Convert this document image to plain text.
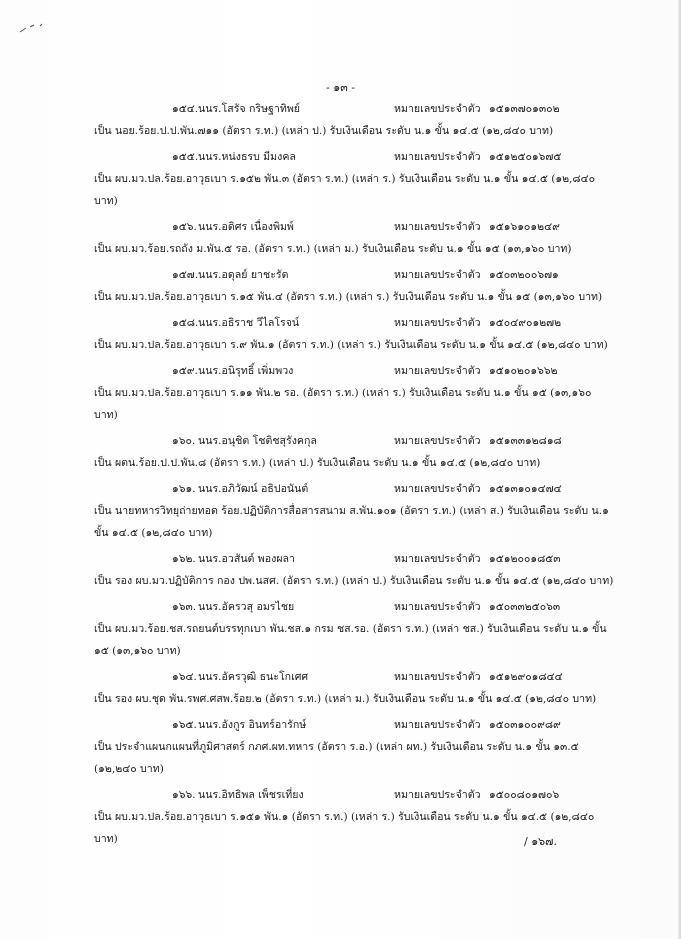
- ๑๓ -
๑๕๔. นนร.โสรัจ กริษฐาทิพย์	หมายเลขประจำตัว ๑๕๑๓๗๐๑๓๐๒
เป็น นอย.ร้อย.ป.ป.พัน.๗๑๑ (อัตรา ร.ท.) (เหล่า ป.) รับเงินเดือน ระดับ น.๑ ขั้น ๑๔.๕ (๑๒,๘๔๐ บาท)
๑๕๕. นนร.หน่งธรบ มีมงคล	หมายเลขประจำตัว ๑๕๑๒๕๐๑๖๗๕
เป็น ผบ.มว.ปล.ร้อย.อาวุธเบา ร.๑๕๒ พัน.๓ (อัตรา ร.ท.) (เหล่า ร.) รับเงินเดือน ระดับ น.๑ ขั้น ๑๔.๕ (๑๒,๘๔๐ บาท)
๑๕๖. นนร.อดิศร เนื่องพิมพ์	หมายเลขประจำตัว ๑๕๑๖๑๐๑๒๔๙
เป็น ผบ.มว.ร้อย.รถถัง ม.พัน.๕ รอ. (อัตรา ร.ท.) (เหล่า ม.) รับเงินเดือน ระดับ น.๑ ขั้น ๑๕ (๑๓,๑๖๐ บาท)
๑๕๗. นนร.อดุลย์ ยาชะรัด	หมายเลขประจำตัว ๑๕๐๓๒๐๐๖๗๑
เป็น ผบ.มว.ปล.ร้อย.อาวุธเบา ร.๑๕ พัน.๔ (อัตรา ร.ท.) (เหล่า ร.) รับเงินเดือน ระดับ น.๑ ขั้น ๑๕ (๑๓,๑๖๐ บาท)
๑๕๘. นนร.อธิราช วีไลโรจน์	หมายเลขประจำตัว ๑๕๐๔๙๐๑๒๗๒
เป็น ผบ.มว.ปล.ร้อย.อาวุธเบา ร.๙ พัน.๑ (อัตรา ร.ท.) (เหล่า ร.) รับเงินเดือน ระดับ น.๑ ขั้น ๑๔.๕ (๑๒,๘๔๐ บาท)
๑๕๙. นนร.อนิรุทธิ์ เพิ่มพวง	หมายเลขประจำตัว ๑๕๑๐๒๐๑๖๖๒
เป็น ผบ.มว.ปล.ร้อย.อาวุธเบา ร.๑๑ พัน.๒ รอ. (อัตรา ร.ท.) (เหล่า ร.) รับเงินเดือน ระดับ น.๑ ขั้น ๑๕ (๑๓,๑๖๐ บาท)
๑๖๐. นนร.อนุชิต โชติชสุรังคกุล	หมายเลขประจำตัว ๑๕๑๓๓๑๒๘๑๘
เป็น ผตน.ร้อย.ป.ป.พัน.๘ (อัตรา ร.ท.) (เหล่า ป.) รับเงินเดือน ระดับ น.๑ ขั้น ๑๔.๕ (๑๒,๘๔๐ บาท)
๑๖๑. นนร.อภิวัฒน์ อธิปอนันต์	หมายเลขประจำตัว ๑๕๑๓๑๐๑๔๗๔
เป็น นายทหารวิทยุถ่ายทอด ร้อย.ปฏิบัติการสื่อสารสนาม ส.พัน.๑๐๑ (อัตรา ร.ท.) (เหล่า ส.) รับเงินเดือน ระดับ น.๑ ขั้น ๑๔.๕ (๑๒,๘๔๐ บาท)
๑๖๒. นนร.อวสันต์ พองผลา	หมายเลขประจำตัว ๑๕๑๒๐๐๑๘๕๓
เป็น รอง ผบ.มว.ปฏิบัติการ กอง ปพ.นสศ. (อัตรา ร.ท.) (เหล่า ป.) รับเงินเดือน ระดับ น.๑ ขั้น ๑๔.๕ (๑๒,๘๔๐ บาท)
๑๖๓. นนร.อัครวสุ อมรไชย	หมายเลขประจำตัว ๑๕๐๓๓๒๕๐๖๓
เป็น ผบ.มว.ร้อย.ชส.รถยนต์บรรทุกเบา พัน.ชส.๑ กรม ชส.รอ. (อัตรา ร.ท.) (เหล่า ชส.) รับเงินเดือน ระดับ น.๑ ขั้น ๑๕ (๑๓,๑๖๐ บาท)
๑๖๔. นนร.อัครวุฒิ ธนะโกเศศ	หมายเลขประจำตัว ๑๕๑๒๙๐๑๘๔๔
เป็น รอง ผบ.ชุด พัน.รพศ.ศสพ.ร้อย.๒ (อัตรา ร.ท.) (เหล่า ม.) รับเงินเดือน ระดับ น.๑ ขั้น ๑๔.๕ (๑๒,๘๔๐ บาท)
๑๖๕. นนร.อังกูร อินทร์อารักษ์	หมายเลขประจำตัว ๑๕๐๓๑๐๐๙๘๙
เป็น ประจำแผนกแผนที่ภูมิศาสตร์ กภศ.ผท.ทหาร (อัตรา ร.อ.) (เหล่า ผท.) รับเงินเดือน ระดับ น.๑ ขั้น ๑๓.๕ (๑๒,๒๔๐ บาท)
๑๖๖. นนร.อิทธิพล เพ็ชรเที่ยง	หมายเลขประจำตัว ๑๕๐๐๘๐๑๗๐๖
เป็น ผบ.มว.ปล.ร้อย.อาวุธเบา ร.๑๕๑ พัน.๑ (อัตรา ร.ท.) (เหล่า ร.) รับเงินเดือน ระดับ น.๑ ขั้น ๑๔.๕ (๑๒,๘๔๐ บาท)	/ ๑๖๗.
